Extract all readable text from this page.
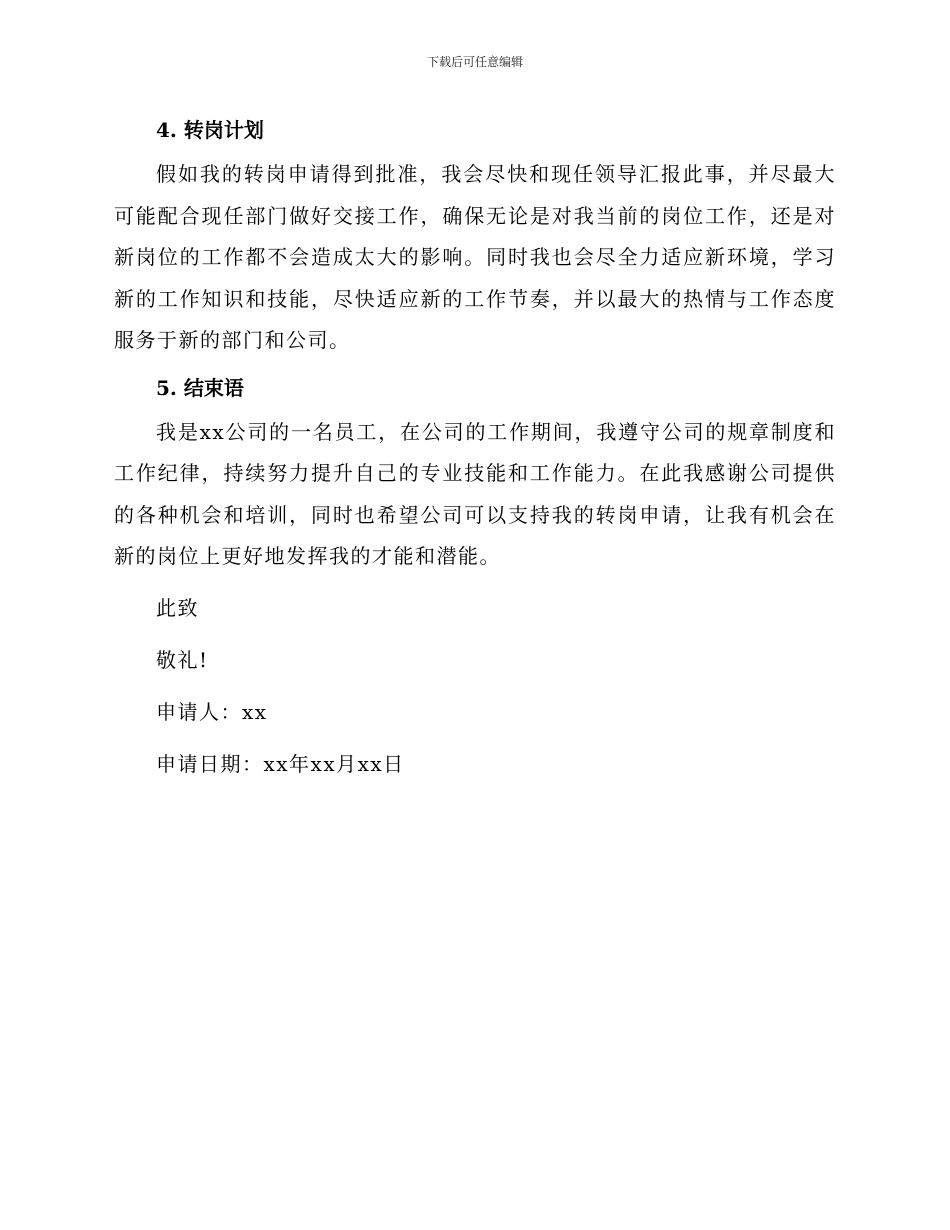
下载后可任意编辑
4. 转岗计划

假如我的转岗申请得到批准，我会尽快和现任领导汇报此事，并尽最大可能配合现任部门做好交接工作，确保无论是对我当前的岗位工作，还是对新岗位的工作都不会造成太大的影响。同时我也会尽全力适应新环境，学习新的工作知识和技能，尽快适应新的工作节奏，并以最大的热情与工作态度服务于新的部门和公司。

5. 结束语

我是xx公司的一名员工，在公司的工作期间，我遵守公司的规章制度和工作纪律，持续努力提升自己的专业技能和工作能力。在此我感谢公司提供的各种机会和培训，同时也希望公司可以支持我的转岗申请，让我有机会在新的岗位上更好地发挥我的才能和潜能。

此致
敬礼!
申请人：xx
申请日期：xx年xx月xx日
